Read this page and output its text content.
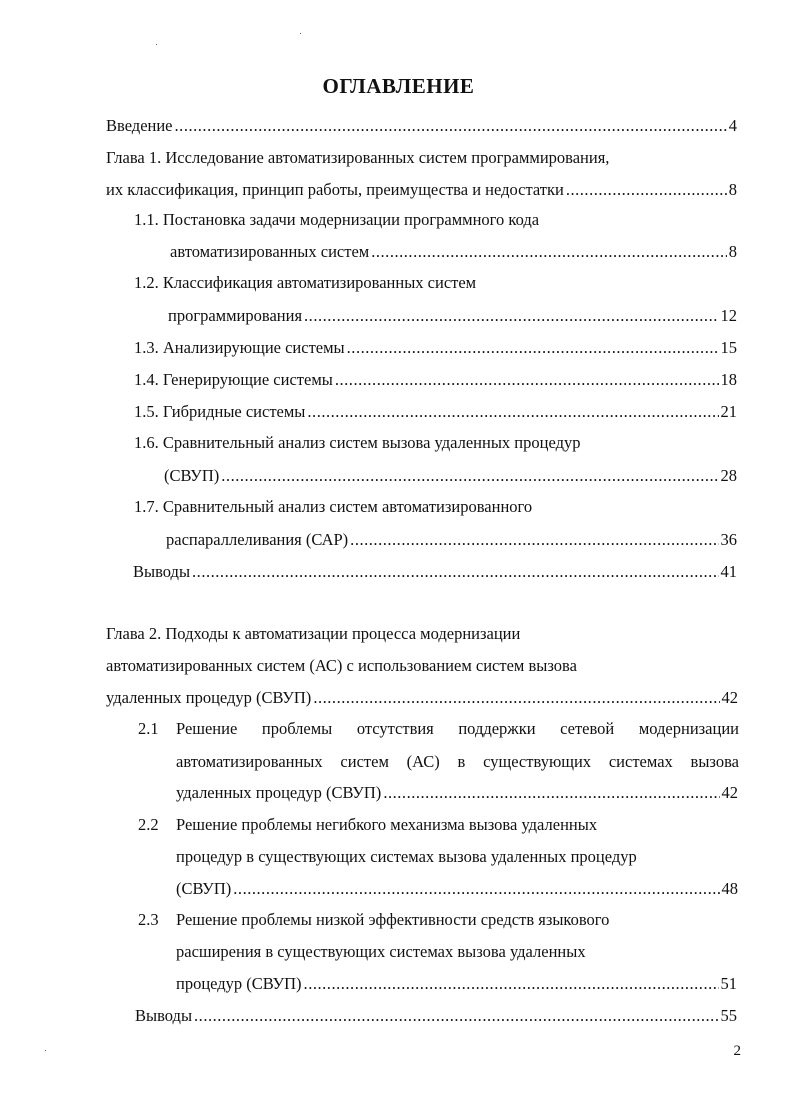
ОГЛАВЛЕНИЕ
Введение . . .	4
Глава 1. Исследование автоматизированных систем программирования,
их классификация, принцип работы, преимущества и недостатки . . .	8
1.1. Постановка задачи модернизации программного кода
автоматизированных систем . . .	8
1.2. Классификация автоматизированных систем
программирования . . .	12
1.3. Анализирующие системы . . .	15
1.4. Генерирующие системы . . .	18
1.5. Гибридные системы . . .	21
1.6. Сравнительный анализ систем вызова удаленных процедур
(СВУП) . . .	28
1.7. Сравнительный анализ систем автоматизированного
распараллеливания (САР) . . .	36
Выводы . . .	41
Глава 2. Подходы к автоматизации процесса модернизации
автоматизированных систем (АС) с использованием систем вызова
удаленных процедур (СВУП) . . .	42
2.1 Решение проблемы отсутствия поддержки сетевой модернизации
автоматизированных систем (АС) в существующих системах вызова
удаленных процедур (СВУП) . . .	42
2.2 Решение проблемы негибкого механизма вызова удаленных
процедур в существующих системах вызова удаленных процедур
(СВУП) . . .	48
2.3 Решение проблемы низкой эффективности средств языкового
расширения в существующих системах вызова удаленных
процедур (СВУП) . . .	51
Выводы . . .	55
2
